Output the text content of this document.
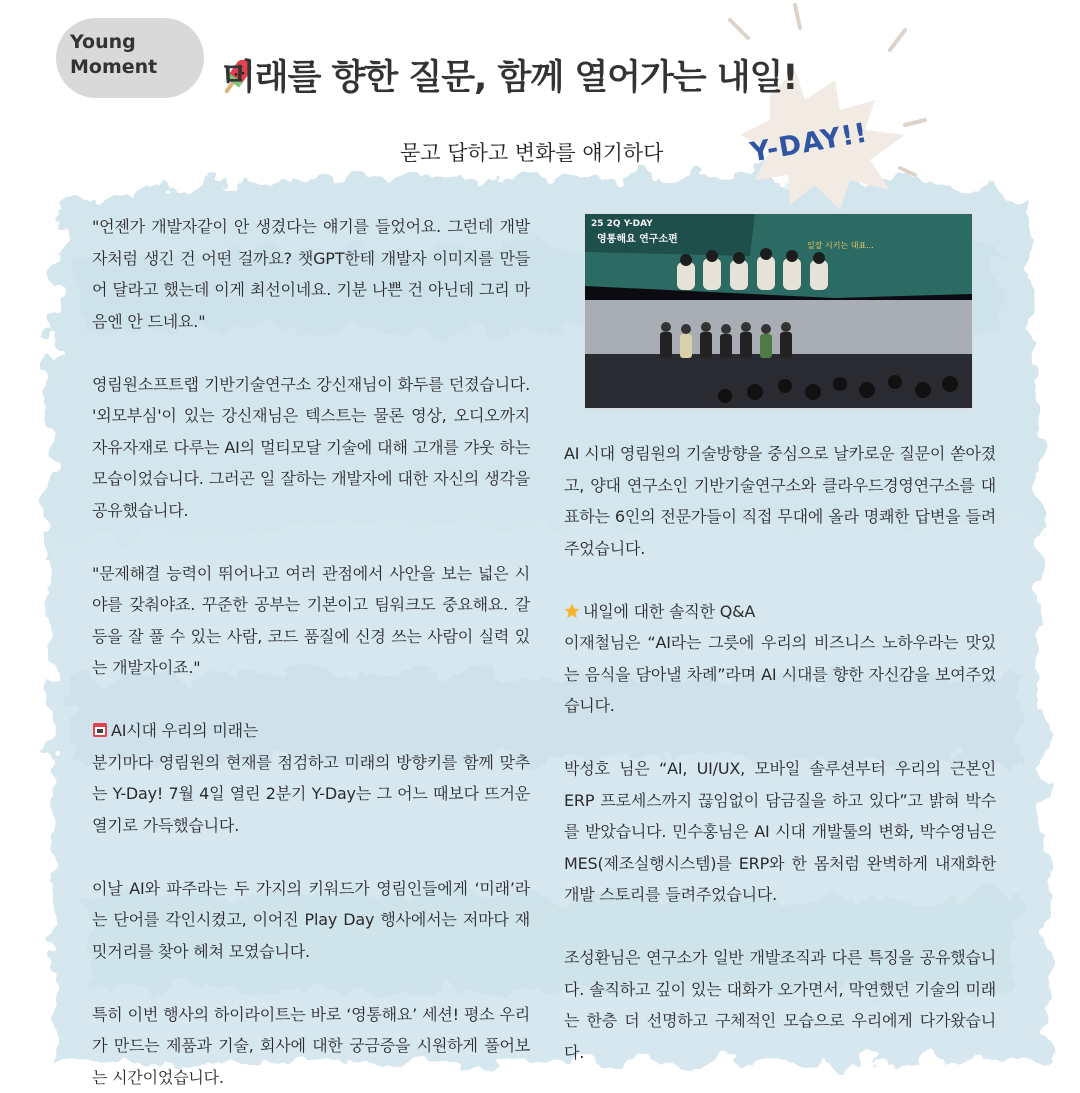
Young
Moment
Y-DAY!!
미래를 향한 질문, 함께 열어가는 내일!
묻고 답하고 변화를 얘기하다

"언젠가 개발자같이 안 생겼다는 얘기를 들었어요. 그런데 개발자처럼 생긴 건 어떤 걸까요? 챗GPT한테 개발자 이미지를 만들어 달라고 했는데 이게 최선이네요. 기분 나쁜 건 아닌데 그리 마음엔 안 드네요."

영림원소프트랩 기반기술연구소 강신재님이 화두를 던졌습니다. '외모부심'이 있는 강신재님은 텍스트는 물론 영상, 오디오까지 자유자재로 다루는 AI의 멀티모달 기술에 대해 고개를 갸웃 하는 모습이었습니다. 그러곤 일 잘하는 개발자에 대한 자신의 생각을 공유했습니다.

"문제해결 능력이 뛰어나고 여러 관점에서 사안을 보는 넓은 시야를 갖춰야죠. 꾸준한 공부는 기본이고 팀워크도 중요해요. 갈등을 잘 풀 수 있는 사람, 코드 품질에 신경 쓰는 사람이 실력 있는 개발자이죠."

AI시대 우리의 미래는
분기마다 영림원의 현재를 점검하고 미래의 방향키를 함께 맞추는 Y-Day! 7월 4일 열린 2분기 Y-Day는 그 어느 때보다 뜨거운 열기로 가득했습니다.

이날 AI와 파주라는 두 가지의 키워드가 영림인들에게 ‘미래’라는 단어를 각인시켰고, 이어진 Play Day 행사에서는 저마다 재밋거리를 찾아 헤쳐 모였습니다.

특히 이번 행사의 하이라이트는 바로 ‘영통해요’ 세션! 평소 우리가 만드는 제품과 기술, 회사에 대한 궁금증을 시원하게 풀어보는 시간이었습니다.

25 2Q Y-DAY
영통해요 연구소편
일잘 시키는 대표...

AI 시대 영림원의 기술방향을 중심으로 날카로운 질문이 쏟아졌고, 양대 연구소인 기반기술연구소와 클라우드경영연구소를 대표하는 6인의 전문가들이 직접 무대에 올라 명쾌한 답변을 들려주었습니다.

내일에 대한 솔직한 Q&A
이재철님은 “AI라는 그릇에 우리의 비즈니스 노하우라는 맛있는 음식을 담아낼 차례”라며 AI 시대를 향한 자신감을 보여주었습니다.

박성호 님은 “AI, UI/UX, 모바일 솔루션부터 우리의 근본인 ERP 프로세스까지 끊임없이 담금질을 하고 있다”고 밝혀 박수를 받았습니다. 민수홍님은 AI 시대 개발툴의 변화, 박수영님은 MES(제조실행시스템)를 ERP와 한 몸처럼 완벽하게 내재화한 개발 스토리를 들려주었습니다.

조성환님은 연구소가 일반 개발조직과 다른 특징을 공유했습니다. 솔직하고 깊이 있는 대화가 오가면서, 막연했던 기술의 미래는 한층 더 선명하고 구체적인 모습으로 우리에게 다가왔습니다.
